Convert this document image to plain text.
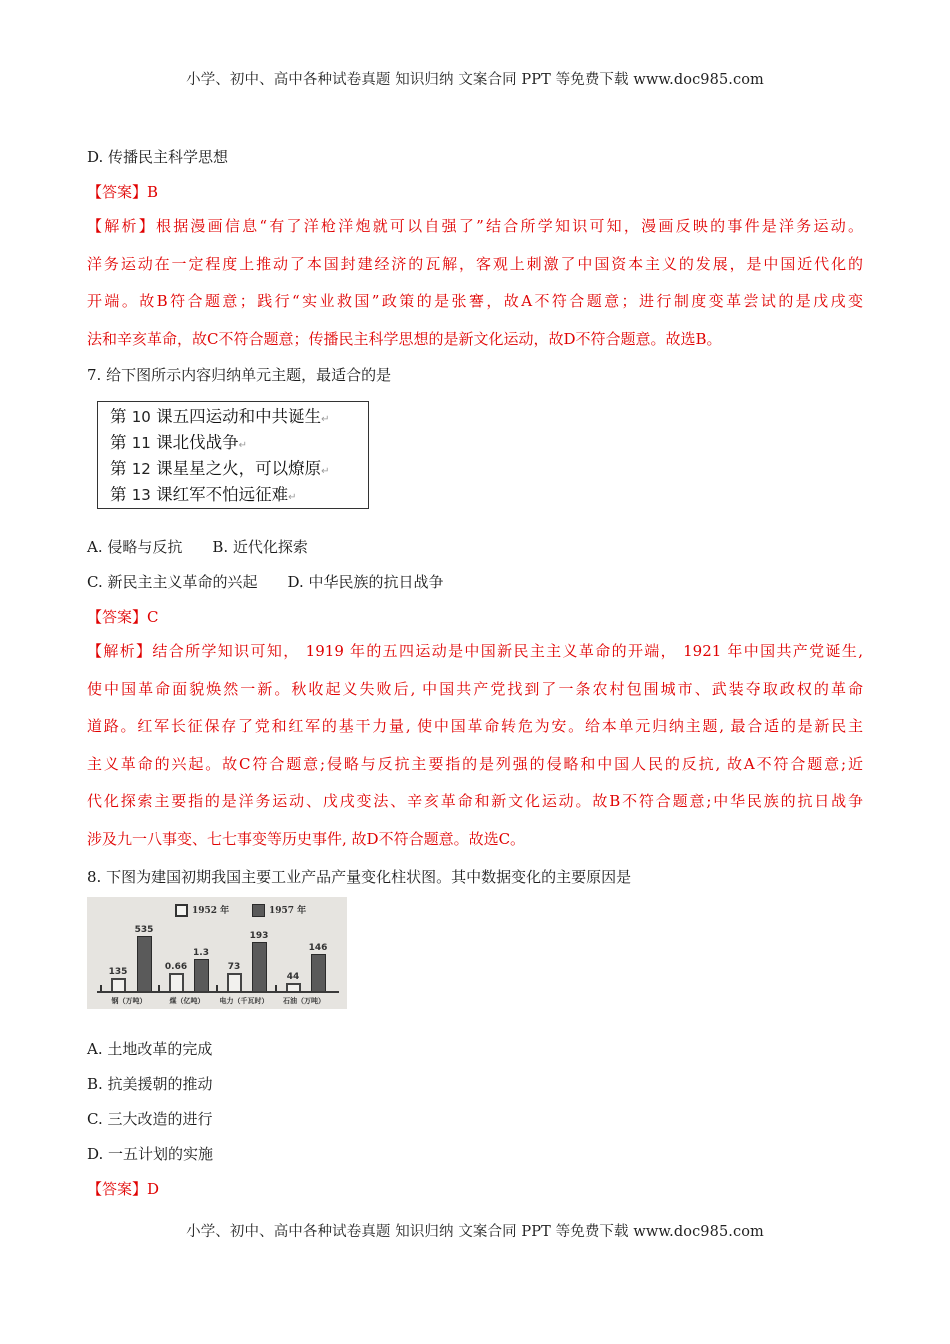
小学、初中、高中各种试卷真题 知识归纳 文案合同 PPT 等免费下载 www.doc985.com
D. 传播民主科学思想
【答案】B
【解析】根据漫画信息“有了洋枪洋炮就可以自强了”结合所学知识可知，漫画反映的事件是洋务运动。
洋务运动在一定程度上推动了本国封建经济的瓦解，客观上刺激了中国资本主义的发展，是中国近代化的
开端。故B符合题意；践行“实业救国”政策的是张謇，故A不符合题意；进行制度变革尝试的是戊戌变
法和辛亥革命，故C不符合题意；传播民主科学思想的是新文化运动，故D不符合题意。故选B。
7. 给下图所示内容归纳单元主题，最适合的是
第 10 课五四运动和中共诞生↵
第 11 课北伐战争↵
第 12 课星星之火，可以燎原↵
第 13 课红军不怕远征难↵
A. 侵略与反抗 B. 近代化探索
C. 新民主主义革命的兴起 D. 中华民族的抗日战争
【答案】C
【解析】结合所学知识可知， 1919 年的五四运动是中国新民主主义革命的开端， 1921 年中国共产党诞生,
使中国革命面貌焕然一新。秋收起义失败后, 中国共产党找到了一条农村包围城市、武装夺取政权的革命
道路。红军长征保存了党和红军的基干力量, 使中国革命转危为安。给本单元归纳主题, 最合适的是新民主
主义革命的兴起。故C符合题意;侵略与反抗主要指的是列强的侵略和中国人民的反抗, 故A不符合题意;近
代化探索主要指的是洋务运动、戊戌变法、辛亥革命和新文化运动。故B不符合题意;中华民族的抗日战争
涉及九一八事变、七七事变等历史事件, 故D不符合题意。故选C。
8. 下图为建国初期我国主要工业产品产量变化柱状图。其中数据变化的主要原因是
1952 年	1957 年
135
535
钢（万吨）
0.66
1.3
煤（亿吨）
73
193
电力（千瓦时）
44
146
石油（万吨）
A. 土地改革的完成
B. 抗美援朝的推动
C. 三大改造的进行
D. 一五计划的实施
【答案】D
小学、初中、高中各种试卷真题 知识归纳 文案合同 PPT 等免费下载 www.doc985.com
